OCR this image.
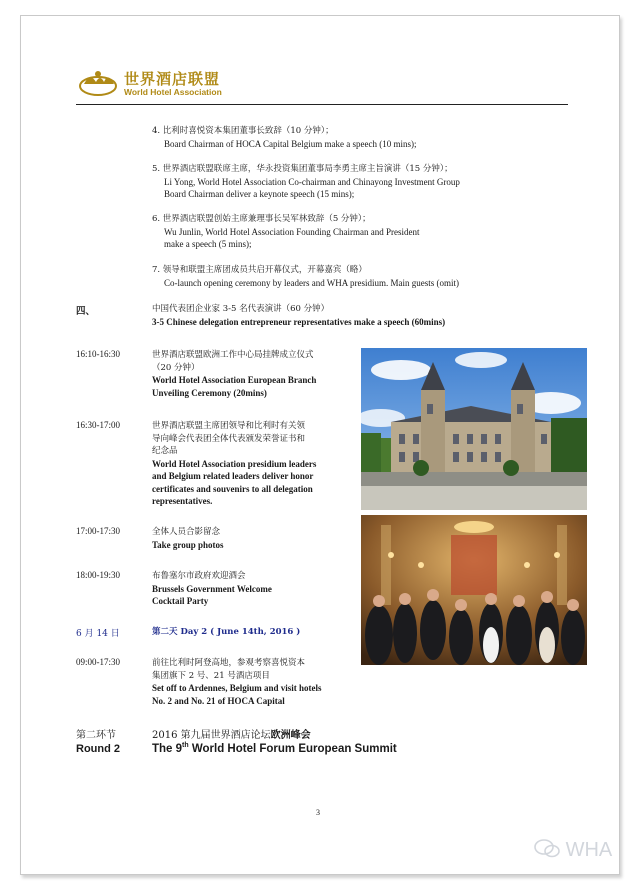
世界酒店联盟
World Hotel Association
4. 比利时喜悦资本集团董事长致辞（10 分钟）；
Board Chairman of HOCA Capital Belgium make a speech (10 mins);
5. 世界酒店联盟联席主席，华永投资集团董事局李勇主席主旨演讲（15 分钟）；
Li Yong, World Hotel Association Co-chairman and Chinayong Investment Group
Board Chairman deliver a keynote speech (15 mins);
6. 世界酒店联盟创始主席兼理事长吴军林致辞（5 分钟）；
Wu Junlin, World Hotel Association Founding Chairman and President
make a speech (5 mins);
7. 领导和联盟主席团成员共启开幕仪式，开幕嘉宾（略）
Co-launch opening ceremony by leaders and WHA presidium. Main guests (omit)
四、	中国代表团企业家 3-5 名代表演讲（60 分钟）
3-5 Chinese delegation entrepreneur representatives make a speech (60mins)
16:10-16:30	世界酒店联盟欧洲工作中心局挂牌成立仪式
（20 分钟）
World Hotel Association European Branch
Unveiling Ceremony (20mins)
16:30-17:00	世界酒店联盟主席团领导和比利时有关领
导向峰会代表团全体代表颁发荣誉证书和
纪念品
World Hotel Association presidium leaders
and Belgium related leaders deliver honor
certificates and souvenirs to all delegation
representatives.
17:00-17:30	全体人员合影留念
Take group photos
18:00-19:30	布鲁塞尔市政府欢迎酒会
Brussels Government Welcome
Cocktail Party
6 月 14 日	第二天 Day 2 ( June 14th, 2016 )
09:00-17:30	前往比利时阿登高地，参观考察喜悦资本
集团旗下 2 号、21 号酒店项目
Set off to Ardennes, Belgium and visit hotels
No. 2 and No. 21 of HOCA Capital
第二环节
Round 2
2016 第九届世界酒店论坛欧洲峰会
The 9th World Hotel Forum European Summit
3
WHA
